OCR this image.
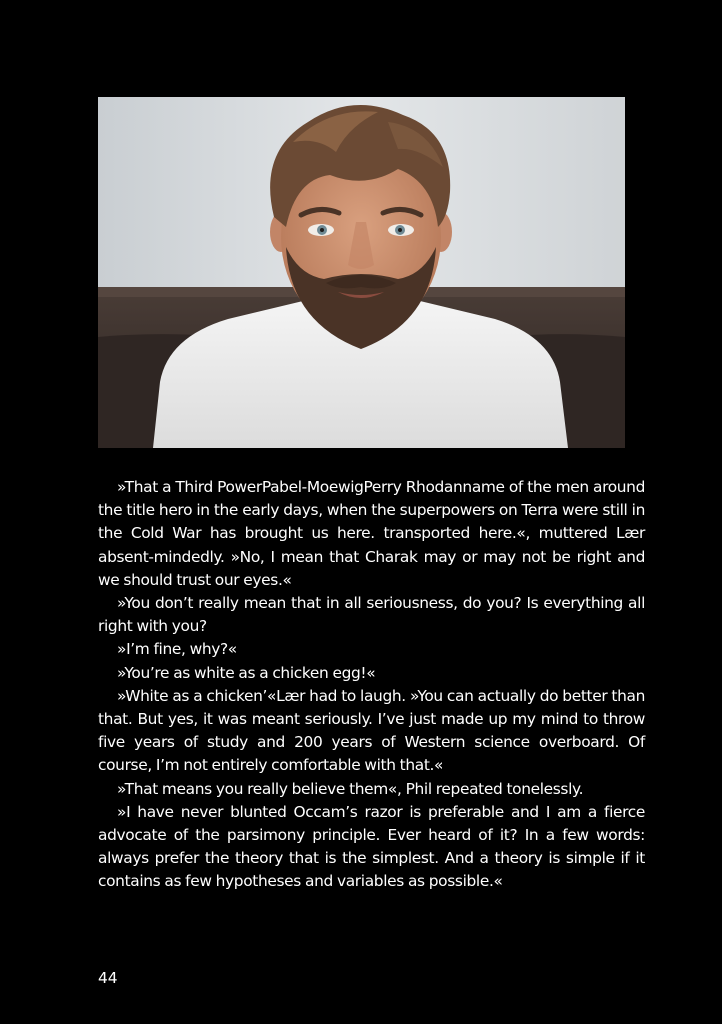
»That a Third PowerPabel-MoewigPerry Rhodanname of the men around the title hero in the early days, when the superpowers on Terra were still in the Cold War has brought us here. transported here.«, muttered Lær absent-mindedly. »No, I mean that Charak may or may not be right and we should trust our eyes.«

»You don’t really mean that in all seriousness, do you? Is everything all right with you?

»I’m fine, why?«

»You’re as white as a chicken egg!«

»White as a chicken’«Lær had to laugh. »You can actually do better than that. But yes, it was meant seriously. I’ve just made up my mind to throw five years of study and 200 years of Western science overboard. Of course, I’m not entirely comfortable with that.«

»That means you really believe them«, Phil repeated tonelessly.

»I have never blunted Occam’s razor is preferable and I am a fierce advocate of the parsimony principle. Ever heard of it? In a few words: always prefer the theory that is the simplest. And a theory is simple if it contains as few hypotheses and variables as possible.«

44
